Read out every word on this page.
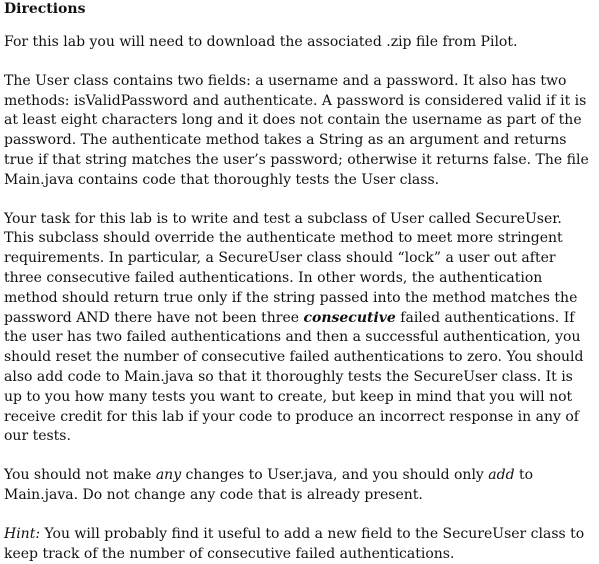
Directions

For this lab you will need to download the associated .zip file from Pilot.

The User class contains two fields: a username and a password. It also has two methods: isValidPassword and authenticate. A password is considered valid if it is at least eight characters long and it does not contain the username as part of the password. The authenticate method takes a String as an argument and returns true if that string matches the user’s password; otherwise it returns false. The file Main.java contains code that thoroughly tests the User class.

Your task for this lab is to write and test a subclass of User called SecureUser. This subclass should override the authenticate method to meet more stringent requirements. In particular, a SecureUser class should “lock” a user out after three consecutive failed authentications. In other words, the authentication method should return true only if the string passed into the method matches the password AND there have not been three consecutive failed authentications. If the user has two failed authentications and then a successful authentication, you should reset the number of consecutive failed authentications to zero. You should also add code to Main.java so that it thoroughly tests the SecureUser class. It is up to you how many tests you want to create, but keep in mind that you will not receive credit for this lab if your code to produce an incorrect response in any of our tests.

You should not make any changes to User.java, and you should only add to Main.java. Do not change any code that is already present.

Hint: You will probably find it useful to add a new field to the SecureUser class to keep track of the number of consecutive failed authentications.
